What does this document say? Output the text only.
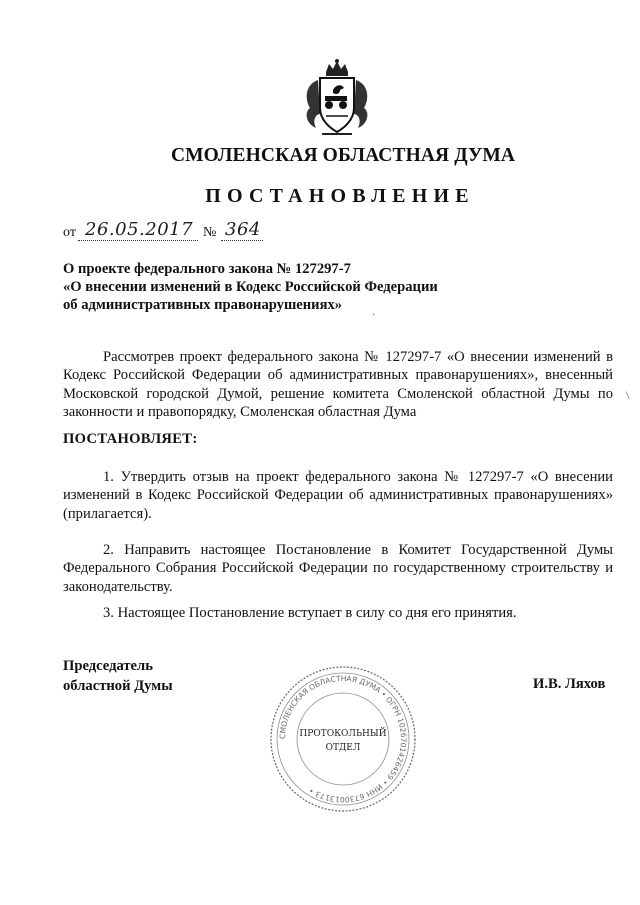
СМОЛЕНСКАЯ ОБЛАСТНАЯ ДУМА
ПОСТАНОВЛЕНИЕ
от 26.05.2017 № 364
О проекте федерального закона № 127297-7
«О внесении изменений в Кодекс Российской Федерации
об административных правонарушениях»
·
Рассмотрев проект федерального закона № 127297-7 «О внесении изменений в Кодекс Российской Федерации об административных правонарушениях», внесенный Московской городской Думой, решение комитета Смоленской областной Думы по законности и правопорядку, Смоленская областная Дума
\
ПОСТАНОВЛЯЕТ:
1. Утвердить отзыв на проект федерального закона № 127297-7 «О внесении изменений в Кодекс Российской Федерации об административных правонарушениях» (прилагается).
2. Направить настоящее Постановление в Комитет Государственной Думы Федерального Собрания Российской Федерации по государственному строительству и законодательству.
3. Настоящее Постановление вступает в силу со дня его принятия.
Председатель
областной Думы
СМОЛЕНСКАЯ ОБЛАСТНАЯ ДУМА • ОГРН 1026701426459 • ИНН 6730013173 •
ПРОТОКОЛЬНЫЙ
ОТДЕЛ
И.В. Ляхов
